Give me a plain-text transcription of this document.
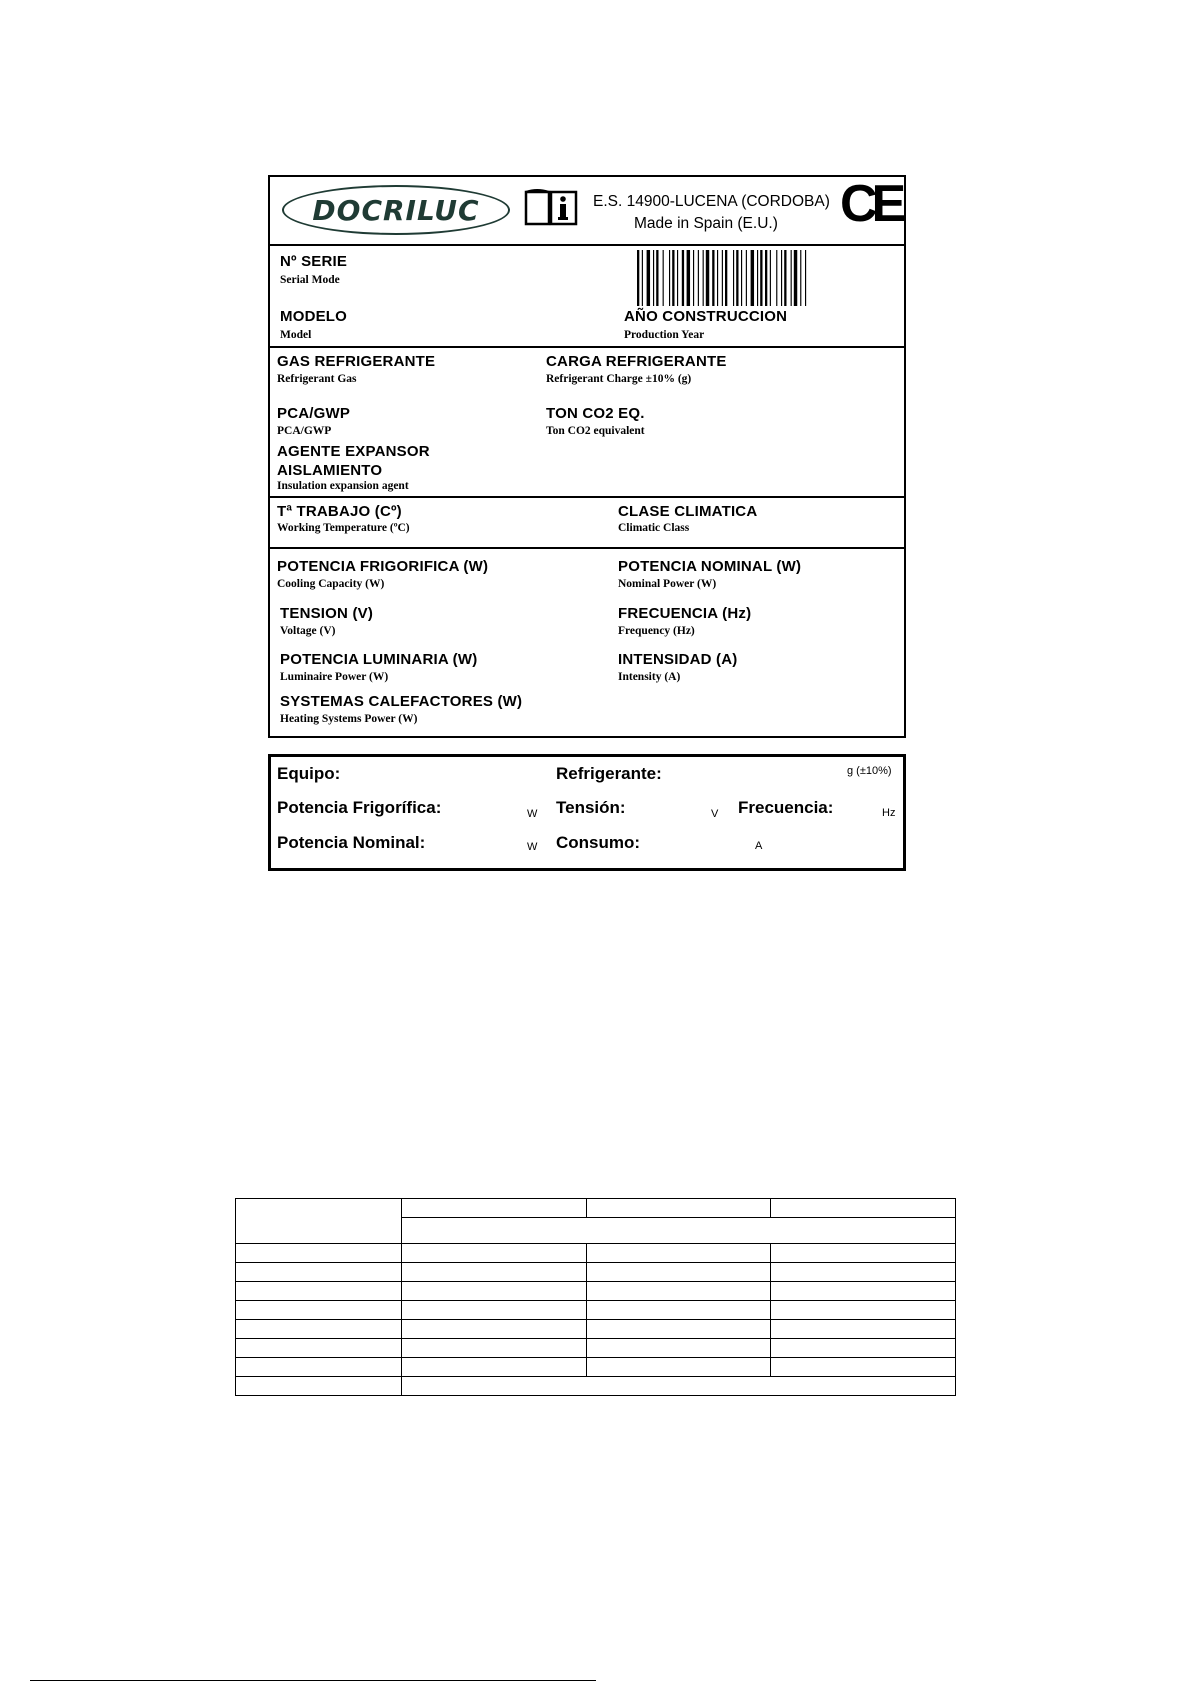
DOCRILUC	E.S. 14900-LUCENA (CORDOBA)
Made in Spain (E.U.) CE
Nº SERIE
Serial Mode
MODELO
Model
AÑO CONSTRUCCION
Production Year
GAS REFRIGERANTE
Refrigerant Gas
CARGA REFRIGERANTE
Refrigerant Charge ±10% (g)
PCA/GWP
PCA/GWP
TON CO2 EQ.
Ton CO2 equivalent
AGENTE EXPANSOR
AISLAMIENTO
Insulation expansion agent
Tª TRABAJO (Cº)
Working Temperature (ºC)
CLASE CLIMATICA
Climatic Class
POTENCIA FRIGORIFICA (W)
Cooling Capacity (W)
POTENCIA NOMINAL (W)
Nominal Power (W)
TENSION (V)
Voltage (V)
FRECUENCIA (Hz)
Frequency (Hz)
POTENCIA LUMINARIA (W)
Luminaire Power (W)
INTENSIDAD (A)
Intensity (A)
SYSTEMAS CALEFACTORES (W)
Heating Systems Power (W)
Equipo:	Refrigerante:	g (±10%)
Potencia Frigorífica:	W Tensión:	V Frecuencia:	Hz
Potencia Nominal:	W Consumo:	A
